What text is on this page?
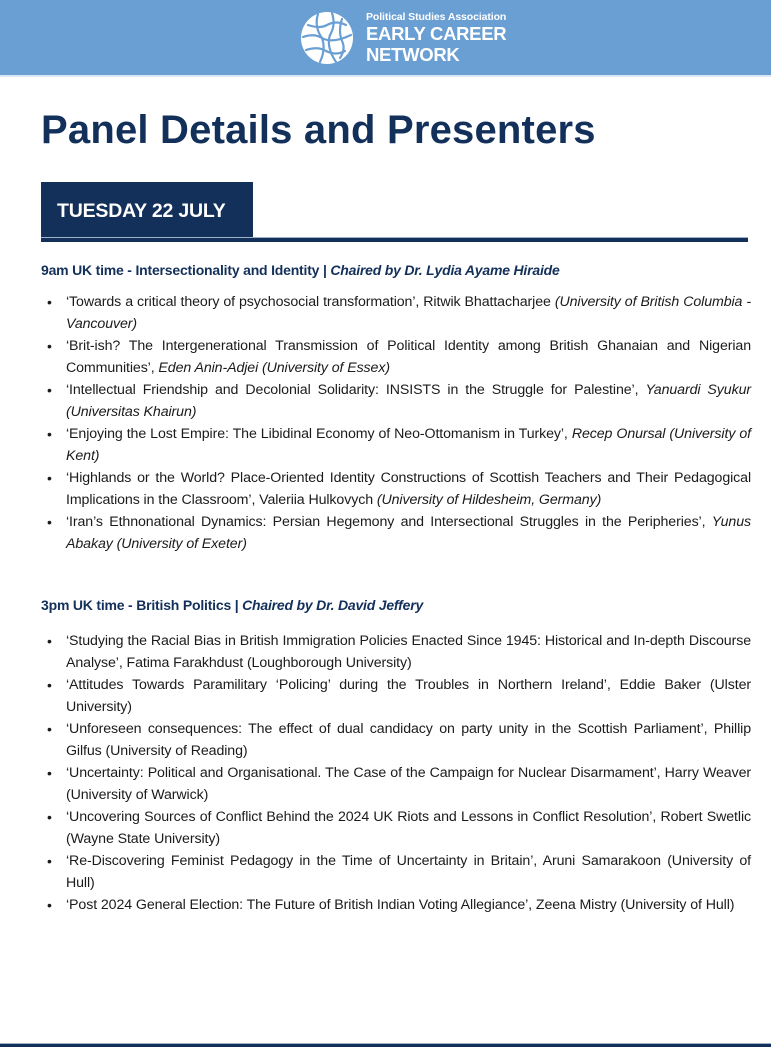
Political Studies Association
EARLY CAREER
NETWORK
Panel Details and Presenters
TUESDAY 22 JULY
9am UK time - Intersectionality and Identity | Chaired by Dr. Lydia Ayame Hiraide
• ‘Towards a critical theory of psychosocial transformation’, Ritwik Bhattacharjee (University of British Columbia - Vancouver)
• ‘Brit-ish? The Intergenerational Transmission of Political Identity among British Ghanaian and Nigerian Communities’, Eden Anin-Adjei (University of Essex)
• ‘Intellectual Friendship and Decolonial Solidarity: INSISTS in the Struggle for Palestine’, Yanuardi Syukur (Universitas Khairun)
• ‘Enjoying the Lost Empire: The Libidinal Economy of Neo-Ottomanism in Turkey’, Recep Onursal (University of Kent)
• ‘Highlands or the World? Place-Oriented Identity Constructions of Scottish Teachers and Their Pedagogical Implications in the Classroom’, Valeriia Hulkovych (University of Hildesheim, Germany)
• ‘Iran’s Ethnonational Dynamics: Persian Hegemony and Intersectional Struggles in the Peripheries’, Yunus Abakay (University of Exeter)
3pm UK time - British Politics | Chaired by Dr. David Jeffery
• ‘Studying the Racial Bias in British Immigration Policies Enacted Since 1945: Historical and In-depth Discourse Analyse’, Fatima Farakhdust (Loughborough University)
• ‘Attitudes Towards Paramilitary ‘Policing’ during the Troubles in Northern Ireland’, Eddie Baker (Ulster University)
• ‘Unforeseen consequences: The effect of dual candidacy on party unity in the Scottish Parliament’, Phillip Gilfus (University of Reading)
• ‘Uncertainty: Political and Organisational. The Case of the Campaign for Nuclear Disarmament’, Harry Weaver (University of Warwick)
• ‘Uncovering Sources of Conflict Behind the 2024 UK Riots and Lessons in Conflict Resolution’, Robert Swetlic (Wayne State University)
• ‘Re-Discovering Feminist Pedagogy in the Time of Uncertainty in Britain’, Aruni Samarakoon (University of Hull)
• ‘Post 2024 General Election: The Future of British Indian Voting Allegiance’, Zeena Mistry (University of Hull)
